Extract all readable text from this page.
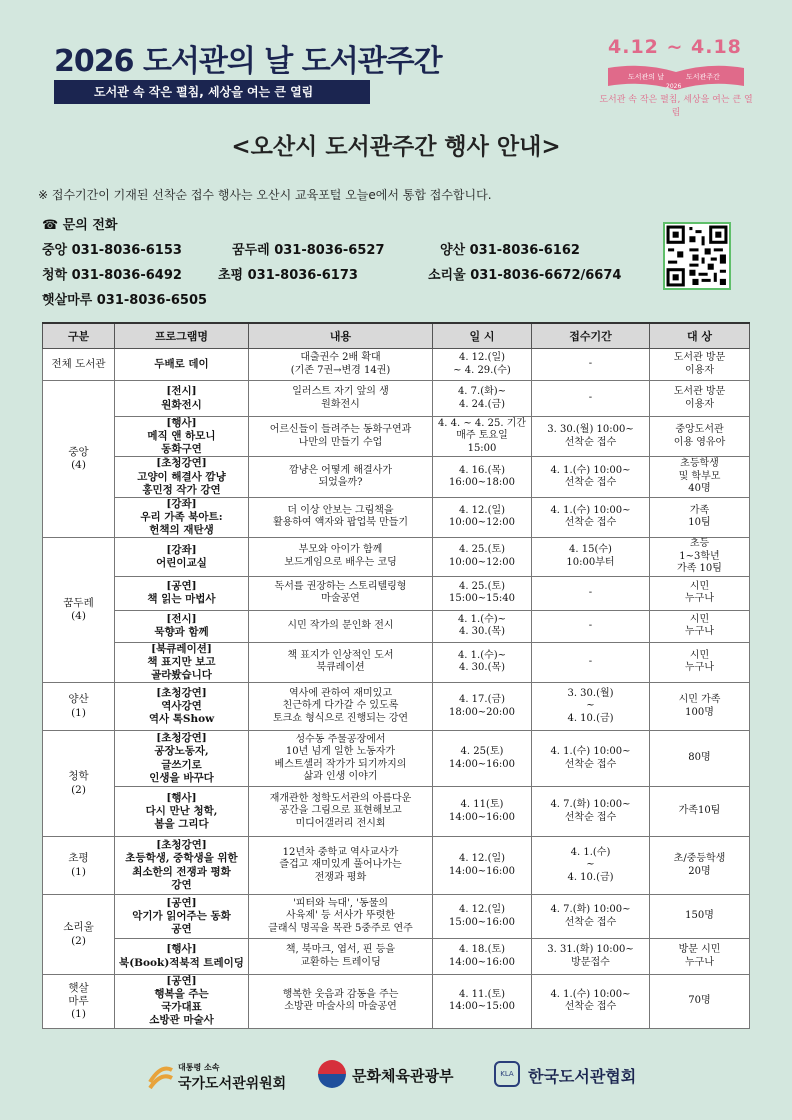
2026 도서관의 날 도서관주간
도서관 속 작은 펼침, 세상을 여는 큰 열림
4.12 ~ 4.18
도서관의 날	도서관주간
2026
도서관 속 작은 펼침, 세상을 여는 큰 열림
<오산시 도서관주간 행사 안내>
※ 접수기간이 기재된 선착순 접수 행사는 오산시 교육포털 오늘e에서 통합 접수합니다.
☎ 문의 전화
중앙 031-8036-6153	꿈두레 031-8036-6527	양산 031-8036-6162
청학 031-8036-6492	초평 031-8036-6173	소리울 031-8036-6672/6674
햇살마루 031-8036-6505
구분	프로그램명	내용	일 시	접수기간	대 상
전체 도서관	두배로 데이	대출권수 2배 확대
(기존 7권→변경 14권)	4. 12.(일)
~ 4. 29.(수)	-	도서관 방문
이용자
중앙
(4)	[전시]
원화전시	일러스트 자기 앞의 생
원화전시	4. 7.(화)~
4. 24.(금)	-	도서관 방문
이용자
	[행사]
메직 앤 하모니
동화구연	어르신들이 들려주는 동화구연과
나만의 만들기 수업	4. 4. ~ 4. 25. 기간
매주 토요일
15:00	3. 30.(월) 10:00~
선착순 접수	중앙도서관
이용 영유아
	[초청강연]
고양이 해결사 깜냥
홍민정 작가 강연	깜냥은 어떻게 해결사가
되었을까?	4. 16.(목)
16:00~18:00	4. 1.(수) 10:00~
선착순 접수	초등학생
및 학부모
40명
	[강좌]
우리 가족 북아트:
헌책의 재탄생	더 이상 안보는 그림책을
활용하여 액자와 팝업북 만들기	4. 12.(일)
10:00~12:00	4. 1.(수) 10:00~
선착순 접수	가족
10팀
꿈두레
(4)	[강좌]
어린이교실	부모와 아이가 함께
보드게임으로 배우는 코딩	4. 25.(토)
10:00~12:00	4. 15(수)
10:00부터	초등
1~3학년
가족 10팀
	[공연]
책 읽는 마법사	독서를 권장하는 스토리텔링형
마술공연	4. 25.(토)
15:00~15:40	-	시민
누구나
	[전시]
묵향과 함께	시민 작가의 문인화 전시	4. 1.(수)~
4. 30.(목)	-	시민
누구나
	[북큐레이션]
책 표지만 보고
골라봤습니다	책 표지가 인상적인 도서
북큐레이션	4. 1.(수)~
4. 30.(목)	-	시민
누구나
양산
(1)	[초청강연]
역사강연
역사 톡Show	역사에 관하여 재미있고
친근하게 다가갈 수 있도록
토크쇼 형식으로 진행되는 강연	4. 17.(금)
18:00~20:00	3. 30.(월)
~
4. 10.(금)	시민 가족
100명
청학
(2)	[초청강연]
공장노동자,
글쓰기로
인생을 바꾸다	성수동 주물공장에서
10년 넘게 일한 노동자가
베스트셀러 작가가 되기까지의
삶과 인생 이야기	4. 25(토)
14:00~16:00	4. 1.(수) 10:00~
선착순 접수	80명
	[행사]
다시 만난 청학,
봄을 그리다	재개관한 청학도서관의 아름다운
공간을 그림으로 표현해보고
미디어갤러리 전시회	4. 11(토)
14:00~16:00	4. 7.(화) 10:00~
선착순 접수	가족10팀
초평
(1)	[초청강연]
초등학생, 중학생을 위한
최소한의 전쟁과 평화
강연	12년차 중학교 역사교사가
즐겁고 재미있게 풀어나가는
전쟁과 평화	4. 12.(일)
14:00~16:00	4. 1.(수)
~
4. 10.(금)	초/중등학생
20명
소리울
(2)	[공연]
악기가 읽어주는 동화
공연	'피터와 늑대', '동물의
사육제' 등 서사가 뚜렷한
클래식 명곡을 목관 5중주로 연주	4. 12.(일)
15:00~16:00	4. 7.(화) 10:00~
선착순 접수	150명
	[행사]
북(Book)적북적 트레이딩	책, 북마크, 엽서, 핀 등을
교환하는 트레이딩	4. 18.(토)
14:00~16:00	3. 31.(화) 10:00~
방문접수	방문 시민
누구나
햇살
마루
(1)	[공연]
행복을 주는
국가대표
소방관 마술사	행복한 웃음과 감동을 주는
소방관 마술사의 마술공연	4. 11.(토)
14:00~15:00	4. 1.(수) 10:00~
선착순 접수	70명
대통령 소속
국가도서관위원회	문화체육관광부	KLA 한국도서관협회
